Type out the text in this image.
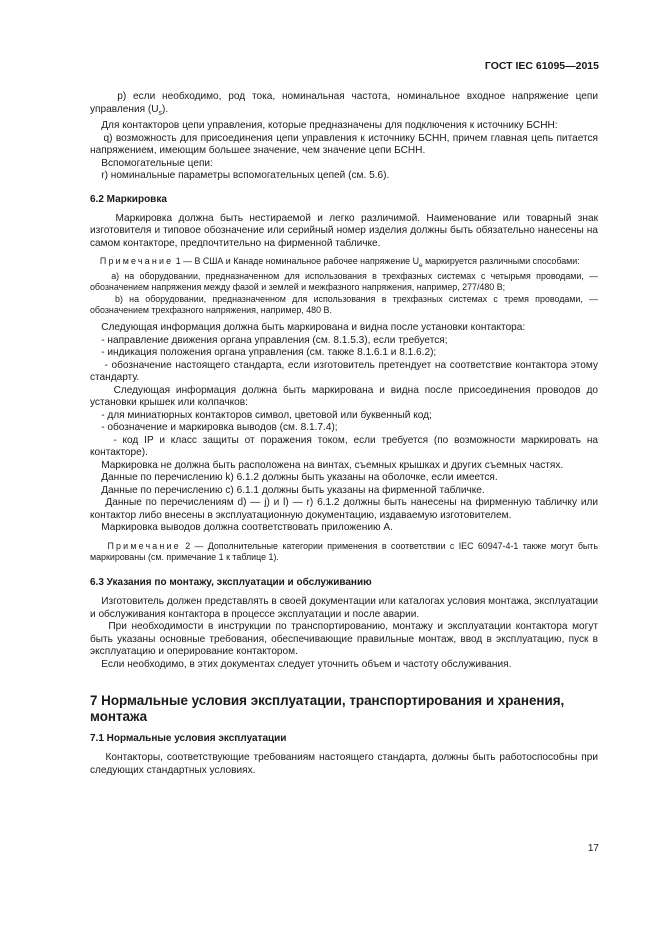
ГОСТ IEC 61095—2015

p) если необходимо, род тока, номинальная частота, номинальное входное напряжение цепи управления $(U_s)$.

Для контакторов цепи управления, которые предназначены для подключения к источнику БСНН:

q) возможность для присоединения цепи управления к источнику БСНН, причем главная цепь питается напряжением, имеющим большее значение, чем значение цепи БСНН.

Вспомогательные цепи:

r) номинальные параметры вспомогательных цепей (см. 5.6).

6.2 Маркировка

Маркировка должна быть нестираемой и легко различимой. Наименование или товарный знак изготовителя и типовое обозначение или серийный номер изделия должны быть обязательно нанесены на самом контакторе, предпочтительно на фирменной табличке.

Примечание 1 — В США и Канаде номинальное рабочее напряжение $U_e$ маркируется различными способами:

a) на оборудовании, предназначенном для использования в трехфазных системах с четырьмя проводами, — обозначением напряжения между фазой и землей и межфазного напряжения, например, 277/480 В;

b) на оборудовании, предназначенном для использования в трехфазных системах с тремя проводами, — обозначением трехфазного напряжения, например, 480 В.

Следующая информация должна быть маркирована и видна после установки контактора:

- направление движения органа управления (см. 8.1.5.3), если требуется;

- индикация положения органа управления (см. также 8.1.6.1 и 8.1.6.2);

- обозначение настоящего стандарта, если изготовитель претендует на соответствие контактора этому стандарту.

Следующая информация должна быть маркирована и видна после присоединения проводов до установки крышек или колпачков:

- для миниатюрных контакторов символ, цветовой или буквенный код;

- обозначение и маркировка выводов (см. 8.1.7.4);

- код IP и класс защиты от поражения током, если требуется (по возможности маркировать на контакторе).

Маркировка не должна быть расположена на винтах, съемных крышках и других съемных частях.

Данные по перечислению k) 6.1.2 должны быть указаны на оболочке, если имеется.

Данные по перечислению с) 6.1.1 должны быть указаны на фирменной табличке.

Данные по перечислениям d) — j) и l) — r) 6.1.2 должны быть нанесены на фирменную табличку или контактор либо внесены в эксплуатационную документацию, издаваемую изготовителем.

Маркировка выводов должна соответствовать приложению А.

Примечание 2 — Дополнительные категории применения в соответствии с IEC 60947-4-1 также могут быть маркированы (см. примечание 1 к таблице 1).

6.3 Указания по монтажу, эксплуатации и обслуживанию

Изготовитель должен представлять в своей документации или каталогах условия монтажа, эксплуатации и обслуживания контактора в процессе эксплуатации и после аварии.

При необходимости в инструкции по транспортированию, монтажу и эксплуатации контактора могут быть указаны основные требования, обеспечивающие правильные монтаж, ввод в эксплуатацию, пуск в эксплуатацию и оперирование контактором.

Если необходимо, в этих документах следует уточнить объем и частоту обслуживания.

7 Нормальные условия эксплуатации, транспортирования и хранения, монтажа
7.1 Нормальные условия эксплуатации

Контакторы, соответствующие требованиям настоящего стандарта, должны быть работоспособны при следующих стандартных условиях.

17
